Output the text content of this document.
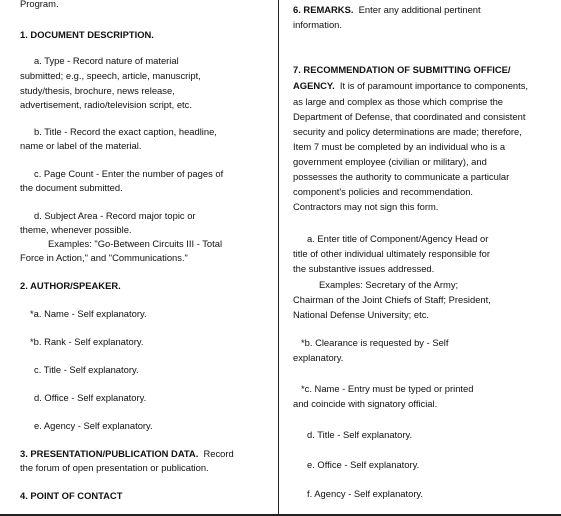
Program.
1. DOCUMENT DESCRIPTION.
a. Type - Record nature of material
submitted; e.g., speech, article, manuscript,
study/thesis, brochure, news release,
advertisement, radio/television script, etc.
b. Title - Record the exact caption, headline,
name or label of the material.
c. Page Count - Enter the number of pages of
the document submitted.
d. Subject Area - Record major topic or
theme, whenever possible.
Examples: "Go-Between Circuits III - Total
Force in Action," and "Communications."
2. AUTHOR/SPEAKER.
*a. Name - Self explanatory.
*b. Rank - Self explanatory.
c. Title - Self explanatory.
d. Office - Self explanatory.
e. Agency - Self explanatory.
3. PRESENTATION/PUBLICATION DATA. Record
the forum of open presentation or publication.
4. POINT OF CONTACT
6. REMARKS. Enter any additional pertinent
information.
7. RECOMMENDATION OF SUBMITTING OFFICE/
AGENCY. It is of paramount importance to components,
as large and complex as those which comprise the
Department of Defense, that coordinated and consistent
security and policy determinations are made; therefore,
Item 7 must be completed by an individual who is a
government employee (civilian or military), and
possesses the authority to communicate a particular
component's policies and recommendation.
Contractors may not sign this form.
a. Enter title of Component/Agency Head or
title of other individual ultimately responsible for
the substantive issues addressed.
Examples: Secretary of the Army;
Chairman of the Joint Chiefs of Staff; President,
National Defense University; etc.
*b. Clearance is requested by - Self
explanatory.
*c. Name - Entry must be typed or printed
and coincide with signatory official.
d. Title - Self explanatory.
e. Office - Self explanatory.
f. Agency - Self explanatory.
